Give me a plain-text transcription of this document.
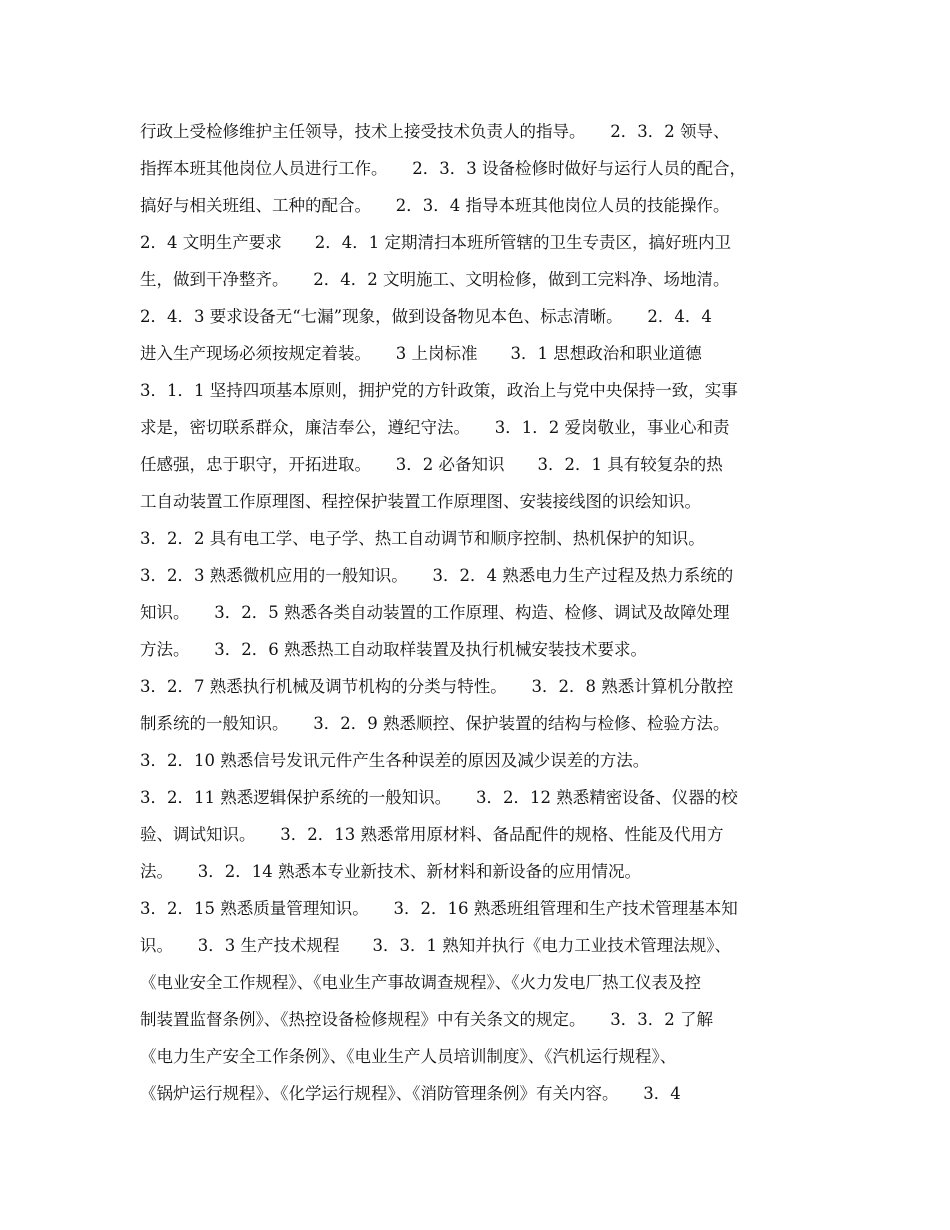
行政上受检修维护主任领导，技术上接受技术负责人的指导。　　2．3．2 领导、
指挥本班其他岗位人员进行工作。　　2．3．3 设备检修时做好与运行人员的配合，
搞好与相关班组、工种的配合。　　2．3．4 指导本班其他岗位人员的技能操作。
2．4 文明生产要求　　2．4．1 定期清扫本班所管辖的卫生专责区，搞好班内卫
生，做到干净整齐。　　2．4．2 文明施工、文明检修，做到工完料净、场地清。
2．4．3 要求设备无“七漏”现象，做到设备物见本色、标志清晰。　　2．4．4
进入生产现场必须按规定着装。　　3 上岗标准　　3．1 思想政治和职业道德
3．1．1 坚持四项基本原则，拥护党的方针政策，政治上与党中央保持一致，实事
求是，密切联系群众，廉洁奉公，遵纪守法。　　3．1．2 爱岗敬业，事业心和责
任感强，忠于职守，开拓进取。　　3．2 必备知识　　3．2．1 具有较复杂的热
工自动装置工作原理图、程控保护装置工作原理图、安装接线图的识绘知识。
3．2．2 具有电工学、电子学、热工自动调节和顺序控制、热机保护的知识。
3．2．3 熟悉微机应用的一般知识。　　3．2．4 熟悉电力生产过程及热力系统的
知识。　　3．2．5 熟悉各类自动装置的工作原理、构造、检修、调试及故障处理
方法。　　3．2．6 熟悉热工自动取样装置及执行机械安装技术要求。
3．2．7 熟悉执行机械及调节机构的分类与特性。　　3．2．8 熟悉计算机分散控
制系统的一般知识。　　3．2．9 熟悉顺控、保护装置的结构与检修、检验方法。
3．2．10 熟悉信号发讯元件产生各种误差的原因及减少误差的方法。
3．2．11 熟悉逻辑保护系统的一般知识。　　3．2．12 熟悉精密设备、仪器的校
验、调试知识。　　3．2．13 熟悉常用原材料、备品配件的规格、性能及代用方
法。　　3．2．14 熟悉本专业新技术、新材料和新设备的应用情况。
3．2．15 熟悉质量管理知识。　　3．2．16 熟悉班组管理和生产技术管理基本知
识。　　3．3 生产技术规程　　3．3．1 熟知并执行《电力工业技术管理法规》、
《电业安全工作规程》、《电业生产事故调查规程》、《火力发电厂热工仪表及控
制装置监督条例》、《热控设备检修规程》中有关条文的规定。　　3．3．2 了解
《电力生产安全工作条例》、《电业生产人员培训制度》、《汽机运行规程》、
《锅炉运行规程》、《化学运行规程》、《消防管理条例》有关内容。　　3．4
